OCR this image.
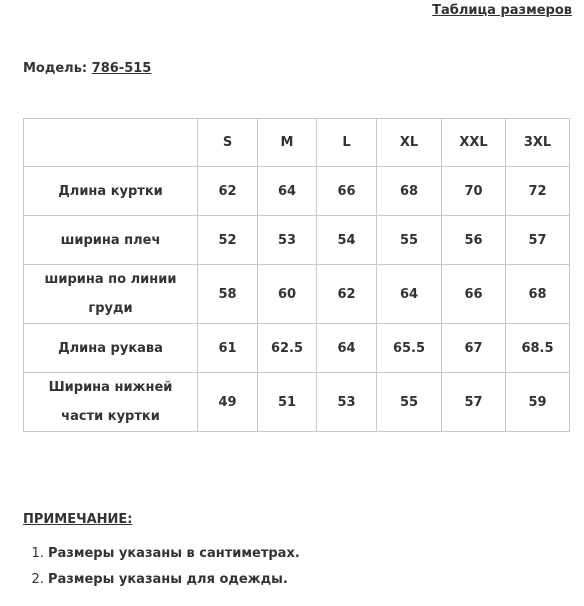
Таблица размеров
Модель: 786-515
	S	M	L	XL	XXL	3XL
Длина куртки	62	64	66	68	70	72
ширина плеч	52	53	54	55	56	57
ширина по линии груди	58	60	62	64	66	68
Длина рукава	61	62.5	64	65.5	67	68.5
Ширина нижней части куртки	49	51	53	55	57	59
ПРИМЕЧАНИЕ:
1. Размеры указаны в сантиметрах.
2. Размеры указаны для одежды.
